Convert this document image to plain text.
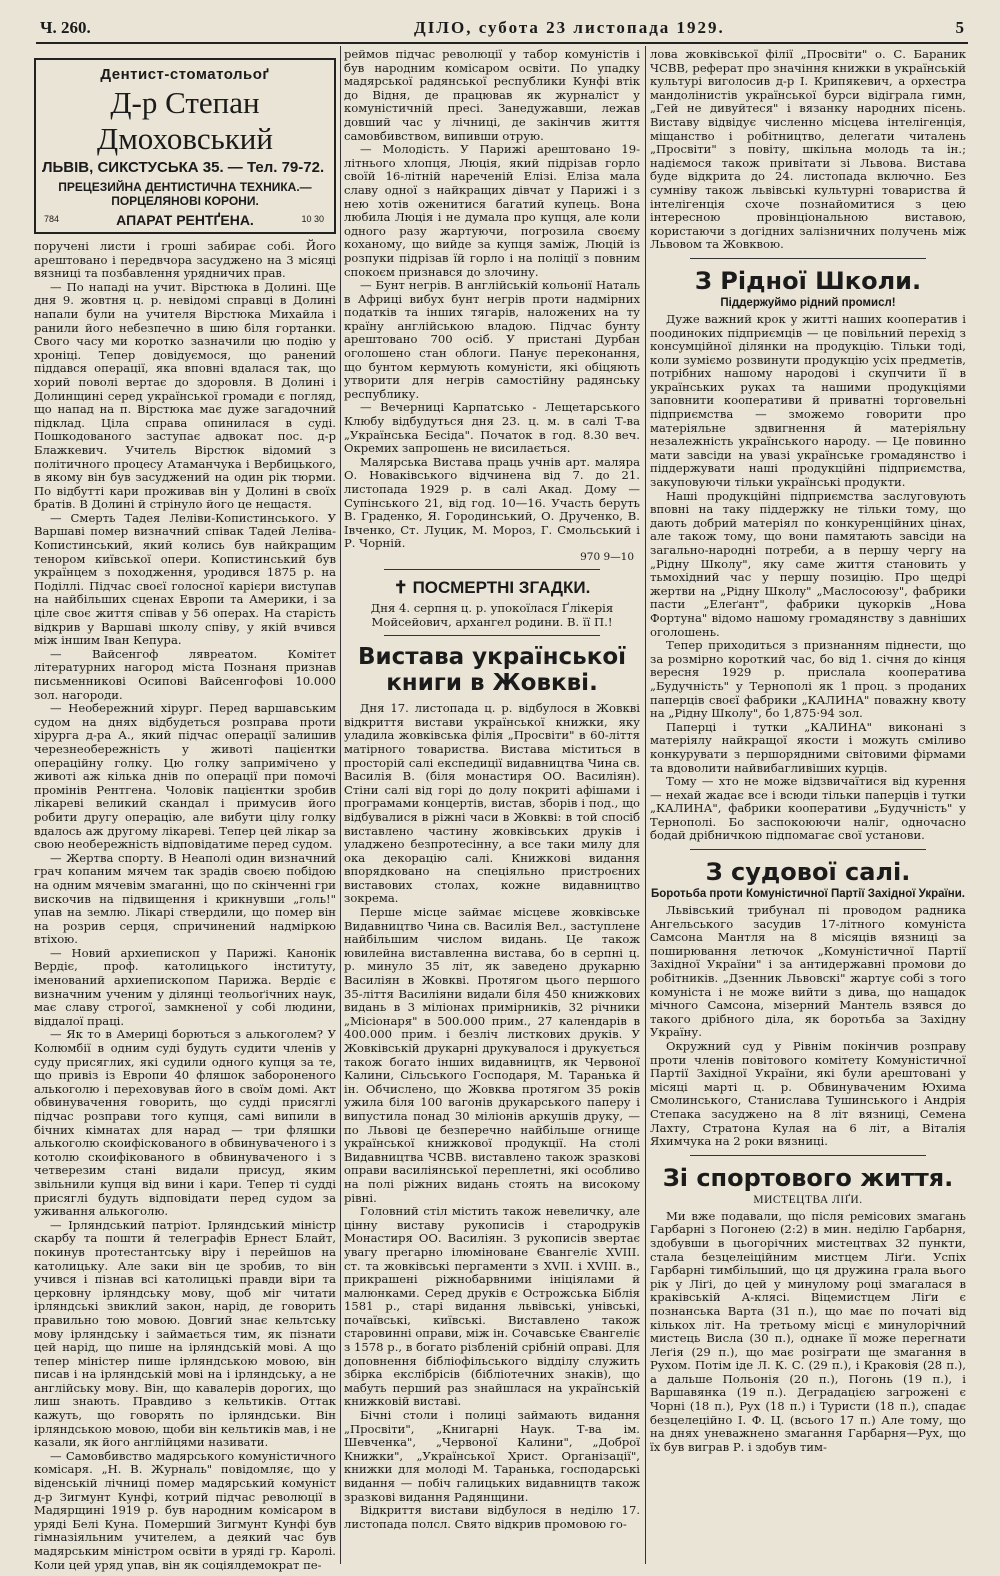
Ч. 260.	ДІЛО, субота 23 листопада 1929.	5
Дентист-стоматольоґ
Д-р Степан Дмоховський
ЛЬВІВ, СИКСТУСЬКА 35. — Тел. 79-72.
ПРЕЦЕЗИЙНА ДЕНТИСТИЧНА ТЕХНИКА.—ПОРЦЕЛЯНОВІ КОРОНИ.
784	АПАРАТ РЕНТҐЕНА.	10 30

поручені листи і гроші забирає собі. Його арештовано і передвчора засуджено на 3 місяці вязниці та позбавлення урядничих прав.

— По нападі на учит. Вірстюка в Долині. Ще дня 9. жовтня ц. р. невідомі справці в Долині напали були на учителя Вірстюка Михайла і ранили його небезпечно в шию біля гортанки. Свого часу ми коротко зазначили цю подію у хроніці. Тепер довідуємося, що ранений піддався операції, яка вповні вдалася так, що хорий поволі вертає до здоровля. В Долині і Долинщині серед української громади є погляд, що напад на п. Вірстюка має дуже загадочний підклад. Ціла справа опинилася в суді. Пошкодованого заступає адвокат пос. д-р Блажкевич. Учитель Вірстюк відомий з політичного процесу Атаманчука і Вербицького, в якому він був засуджений на один рік тюрми. По відбутті кари проживав він у Долині в своїх братів. В Долині й стрінуло його це нещастя.

— Смерть Тадея Леліви-Копистинського. У Варшаві помер визначний співак Тадей Леліва-Копистинський, який колись був найкращим тенором київської опери. Копистинський був українцем з походження, уродився 1875 р. на Поділлі. Підчас своєї голосної карієри виступав на найбільших сценах Европи та Америки, і за ціле своє життя співав у 56 операх. На старість відкрив у Варшаві школу співу, у якій вчився між іншим Іван Кепура.

— Вайсенгоф лявреатом. Комітет літературних нагород міста Познаня признав письменникові Осипові Вайсенгофові 10.000 зол. нагороди.

— Необережний хірург. Перед варшавським судом на днях відбудеться розправа проти хірурга д-ра А., який підчас операції залишив черезнеобережність у животі пацієнтки операційну голку. Цю голку запримічено у животі аж кілька днів по операції при помочі промінів Рентгена. Чоловік пацієнтки зробив лікареві великий скандал і примусив його робити другу операцію, але вибути цілу голку вдалось аж другому лікареві. Тепер цей лікар за свою необережність відповідатиме перед судом.

— Жертва спорту. В Неаполі один визначний грач копаним мячем так зрадів своєю побідою на одним мячевім змаганні, що по скінченні гри вискочив на підвищення і крикнувши „голь!" упав на землю. Лікарі ствердили, що помер він на розрив серця, спричинений надміркою втіхою.

— Новий архиепископ у Парижі. Канонік Вердіє, проф. католицького інституту, іменований архиепископом Парижа. Вердіє є визначним ученим у ділянці теольоґічних наук, має славу строгої, замкненої у собі людини, віддалої праці.

— Як то в Америці борються з алькоголем? У Колюмбії в одним суді будуть судити членів у суду присяглих, які судили одного купця за те, що привіз із Европи 40 фляшок забороненого алькоголю і переховував його в своїм домі. Акт обвинувачення говорить, що судді присяглі підчас розправи того купця, самі випили в бічних кімнатах для нарад — три фляшки алькоголю скоифіскованого в обвинуваченого і з котолю скоифікованого в обвинуваченого і з четверезим стані видали присуд, яким звільнили купця від вини і кари. Тепер ті судді присяглі будуть відповідати перед судом за уживання алькоголю.

— Ірляндський патріот. Ірляндський міністр скарбу та пошти й телеграфів Ернест Блайт, покинув протестантську віру і перейшов на католицьку. Але заки він це зробив, то він учився і пізнав всі католицькі правди віри та церковну ірляндську мову, щоб міг читати ірляндські звиклий закон, нарід, де говорить правильно тою мовою. Довгий знає кельтську мову ірляндську і займається тим, як пізнати цей нарід, що пише на ірляндській мові. А що тепер міністер пише ірляндською мовою, він писав і на ірляндській мові на і ірляндську, а не англійську мову. Він, що кавалерів дорогих, що лиш знають. Правдиво з кельтиків. Оттак кажуть, що говорять по ірляндськи. Він ірляндською мовою, щоби він кельтиків мав, і не казали, як його англійцями називати.

— Самовбивство мадярського комуністичного комісаря. „Н. В. Журналь" повідомляє, що у віденській лічниці помер мадярський комуніст д-р Зигмунт Кунфі, котрий підчас революції в Мадярщині 1919 р. був народним комісаром в уряді Белі Куна. Померший Зигмунт Кунфі був гімназіяльним учителем, а деякий час був мадярським міністром освіти в уряді гр. Каролі. Коли цей уряд упав, він як соціялдемократ пе-

реймов підчас революції у табор комуністів і був народним комісаром освіти. По упадку мадярської радянської республики Кунфі втік до Відня, де працював як журналіст у комуністичній пресі. Занедужавши, лежав довший час у лічниці, де закінчив життя самовбивством, випивши отрую.

— Молодість. У Парижі арештовано 19-літнього хлопця, Люція, який підрізав горло своїй 16-літній нареченій Елізі. Еліза мала славу одної з найкращих дівчат у Парижі і з нею хотів оженитися багатий купець. Вона любила Люція і не думала про купця, але коли одного разу жартуючи, погрозила своєму коханому, що вийде за купця заміж, Люцій із розпуки підрізав їй горло і на поліції з повним спокоєм признався до злочину.

— Бунт негрів. В англійській кольонії Наталь в Африці вибух бунт негрів проти надмірних податків та інших тягарів, наложених на ту країну англійською владою. Підчас бунту арештовано 700 осіб. У пристані Дурбан оголошено стан облоги. Панує переконання, що бунтом кермують комуністи, які обіцяють утворити для негрів самостійну радянську республику.

— Вечерниці Карпатсько - Лещетарського Клюбу відбудуться дня 23. ц. м. в салі Т-ва „Українська Бесіда". Початок в год. 8.30 веч. Окремих запрошень не висилається.

Малярська Вистава праць учнів арт. маляра О. Новаківського відчинена від 7. до 21. листопада 1929 р. в салі Акад. Дому — Супінського 21, від год. 10—16. Участь беруть В. Граденко, Я. Городинський, О. Друченко, В. Івченко, Ст. Луцик, М. Мороз, Г. Смольський і Р. Чорній.

970 9—10
✝ ПОСМЕРТНІ ЗГАДКИ.

Дня 4. серпня ц. р. упокоїлася Ґлікерія Мойсейович, архангел родини. В. її П.!

Вистава української книги в Жовкві.

Дня 17. листопада ц. р. відбулося в Жовкві відкриття вистави української книжки, яку уладила жовківська філія „Просвіти" в 60-ліття матірного товариства. Вистава міститься в просторій салі експедиції видавництва Чина св. Василія В. (біля монастиря ОО. Василіян). Стіни салі від горі до долу покриті афішами і програмами концертів, вистав, зборів і под., що відбувалися в ріжні часи в Жовкві: в той спосіб виставлено частину жовківських друків і уладжено безпротесінну, а все таки милу для ока декорацію салі. Книжкові видання впорядковано на спеціяльно пристроєних виставових столах, кожне видавництво зокрема.

Перше місце займає місцеве жовківське Видавництво Чина св. Василія Вел., заступлене найбільшим числом видань. Це також ювилейна виставленна вистава, бо в серпні ц. р. минуло 35 літ, як заведено друкарню Василіян в Жовкві. Протягом цього першого 35-ліття Василіяни видали біля 450 книжкових видань в 3 міліонах примірників, 32 річники „Місіонаря" в 500.000 прим., 27 календарів в 400.000 прим. і безліч листкових друків. У Жовківській друкарні друкувалося і друкується також богато інших видавництв, як Червоної Калини, Сільського Господаря, М. Таранька й ін. Обчислено, що Жовква протягом 35 років ужила біля 100 вагонів друкарського паперу і випустила понад 30 міліонів аркушів друку, — по Львові це безперечно найбільше огнище української книжкової продукції. На столі Видавництва ЧСВВ. виставлено також зразкові оправи василіянської переплетні, які особливо на полі ріжних видань стоять на високому рівні.

Головний стіл містить також невеличку, але цінну виставу рукописів і стародруків Монастиря ОО. Василіян. З рукописів звертає увагу прегарно ілюміноване Євангеліє XVIII. ст. та жовківські пергаменти з XVII. і XVIII. в., прикрашені ріжнобарвними ініціялами й малюнками. Серед друків є Острожська Біблія 1581 р., старі видання львівські, унівські, почаївські, київські. Виставлено також старовинні оправи, між ін. Сочавське Євангеліє з 1578 р., в богато різбленій срібній оправі. Для доповнення бібліофільського відділу служить збірка екслібрісів (бібліотечних знаків), що мабуть перший раз знайшлася на українській книжковій виставі.

Бічні столи і полиці займають видання „Просвіти", „Книгарні Наук. Т-ва ім. Шевченка", „Червоної Калини", „Доброї Книжки", „Української Христ. Організації", книжки для молоді М. Таранька, господарські видання — побіч галицьких видавництв також зразкові видання Радянщини.

Відкриття вистави відбулося в неділю 17. листопада полсл. Свято відкрив промовою го-

лова жовківської філії „Просвіти" о. С. Бараник ЧСВВ, реферат про значіння книжки в українській культурі виголосив д-р І. Крипякевич, а орхестра мандолінистів української бурси відіграла гимн, „Гей не дивуйтеся" і вязанку народних пісень. Виставу відвідує численно місцева інтелігенція, міщанство і робітництво, делегати читалень „Просвіти" з повіту, шкільна молодь та ін.; надіємося також привітати зі Львова. Вистава буде відкрита до 24. листопада включно. Без сумніву також львівські культурні товариства й інтелігенція схоче познайомитися з цею інтересною провінціональною виставою, користаючи з догідних залізничних получень між Львовом та Жовквою.

З Рідної Школи.
Піддержуймо рідний промисл!

Дуже важний крок у житті наших кооператив і поодиноких підприємців — це повільний перехід з консумційної ділянки на продукцію. Тільки тоді, коли зуміємо розвинути продукцію усіх предметів, потрібних нашому народові і скупчити її в українських руках та нашими продукціями заповнити кооперативи й приватні торговельні підприємства — зможемо говорити про матеріяльне здвигнення й матеріяльну незалежність українського народу. — Це повинно мати завсіди на увазі українське громадянство і піддержувати наші продукційні підприємства, закуповуючи тільки українські продукти.

Наші продукційні підприємства заслуговують вповні на таку піддержку не тільки тому, що дають добрий матеріял по конкуренційних цінах, але також тому, що вони памятають завсіди на загально-народні потреби, а в першу чергу на „Рідну Школу", яку саме життя становить у тьмохідний час у першу позицію. Про щедрі жертви на „Рідну Школу" „Маслосоюзу", фабрики пасти „Елеґант", фабрики цукорків „Нова Фортуна" відомо нашому громадянству з давніших оголошень.

Тепер приходиться з признанням піднести, що за розмірно короткий час, бо від 1. січня до кінця вересня 1929 р. прислала кооператива „Будучність" у Тернополі як 1 проц. з проданих паперців своєї фабрики „КАЛИНА" поважну квоту на „Рідну Школу", бо 1,875·94 зол.

Паперці і тутки „КАЛИНА" виконані з матеріялу найкращої якости і можуть сміливо конкурувати з першорядними світовими фірмами та вдоволити найвибагливіших курців.

Тому — хто не може відзвичаїтися від курення — нехай жадає все і всюди тільки паперців і тутки „КАЛИНА", фабрики кооперативи „Будучність" у Тернополі. Бо заспокоюючи наліг, одночасно бодай дрібничкою підпомагає свої установи.

З судової салі.
Боротьба проти Комуністичної Партії Західної України.

Львівський трибунал пі проводом радника Ангельського засудив 17-літного комуніста Самсона Мантля на 8 місяців вязниці за поширювання летючок „Комуністичної Партії Західної України" і за антидержавні промови до робітників. „Дзенник Львовскі" жартує собі з того комуніста і не може вийти з дива, що нащадок мічного Самсона, мізерний Мантель взявся до такого дрібного діла, як боротьба за Західну Україну.

Окружний суд у Рівнім покінчив розправу проти членів повітового комітету Комуністичної Партії Західної України, які були арештовані у місяці марті ц. р. Обвинуваченим Юхима Смолинського, Станислава Тушинського і Андрія Степака засуджено на 8 літ вязниці, Семена Лахту, Стратона Кулая на 6 літ, а Віталія Яхимчука на 2 роки вязниці.

Зі спортового життя.
МИСТЕЦТВА ЛІҐИ.

Ми вже подавали, що після ремісових змагань Гарбарні з Погонею (2:2) в мин. неділю Гарбарня, здобувши в цьогорічних мистецтвах 32 пункти, стала безцелеіційним мистцем Ліґи. Успіх Гарбарні тимбільший, що ця дружина грала вього рік у Ліґі, до цей у минулому році змагалася в краківській А-клясі. Віцемистцем Ліґи є познанська Варта (31 п.), що має по початі від кількох літ. На третьому місці є минулорічний мистець Висла (30 п.), однаке її може перегнати Леґія (29 п.), що має розіграти ще змагання в Рухом. Потім іде Л. К. С. (29 п.), і Краковія (28 п.), а дальше Польонія (20 п.), Погонь (19 п.), і Варшавянка (19 п.). Деградацією загрожені є Чорні (18 п.), Рух (18 п.) і Туристи (18 п.), спадає безцелеційно І. Ф. Ц. (всього 17 п.) Але тому, що на днях уневажнено змагання Гарбарня—Рух, що їх був виграв Р. і здобув тим-
